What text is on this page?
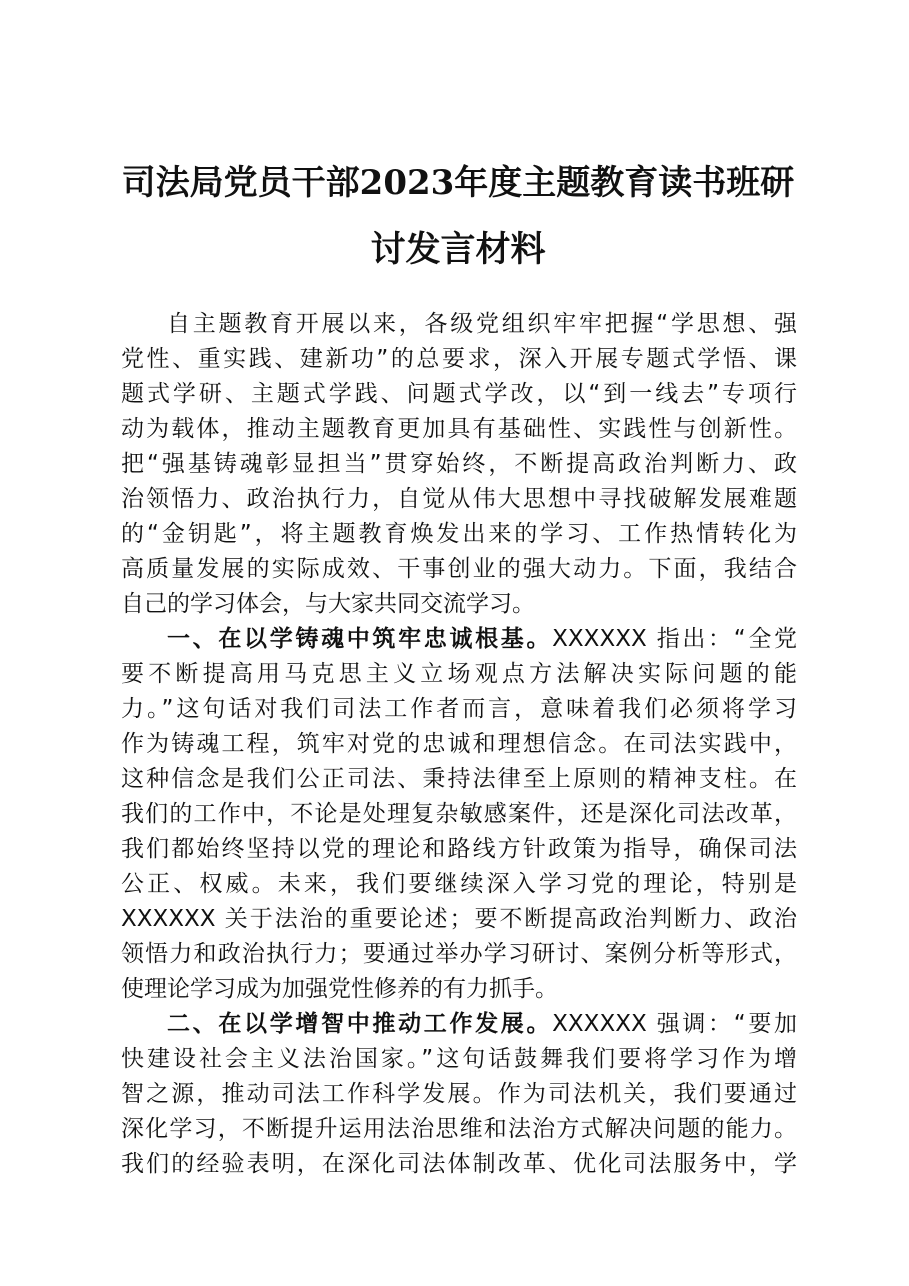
司法局党员干部2023年度主题教育读书班研
讨发言材料
自主题教育开展以来，各级党组织牢牢把握“学思想、强
党性、重实践、建新功”的总要求，深入开展专题式学悟、课
题式学研、主题式学践、问题式学改，以“到一线去”专项行
动为载体，推动主题教育更加具有基础性、实践性与创新性。
把“强基铸魂彰显担当”贯穿始终，不断提高政治判断力、政
治领悟力、政治执行力，自觉从伟大思想中寻找破解发展难题
的“金钥匙”，将主题教育焕发出来的学习、工作热情转化为
高质量发展的实际成效、干事创业的强大动力。下面，我结合
自己的学习体会，与大家共同交流学习。
一、在以学铸魂中筑牢忠诚根基。XXXXXX 指出：“全党
要不断提高用马克思主义立场观点方法解决实际问题的能
力。”这句话对我们司法工作者而言，意味着我们必须将学习
作为铸魂工程，筑牢对党的忠诚和理想信念。在司法实践中，
这种信念是我们公正司法、秉持法律至上原则的精神支柱。在
我们的工作中，不论是处理复杂敏感案件，还是深化司法改革，
我们都始终坚持以党的理论和路线方针政策为指导，确保司法
公正、权威。未来，我们要继续深入学习党的理论，特别是
XXXXXX 关于法治的重要论述；要不断提高政治判断力、政治
领悟力和政治执行力；要通过举办学习研讨、案例分析等形式，
使理论学习成为加强党性修养的有力抓手。
二、在以学增智中推动工作发展。XXXXXX 强调：“要加
快建设社会主义法治国家。”这句话鼓舞我们要将学习作为增
智之源，推动司法工作科学发展。作为司法机关，我们要通过
深化学习，不断提升运用法治思维和法治方式解决问题的能力。
我们的经验表明，在深化司法体制改革、优化司法服务中，学
